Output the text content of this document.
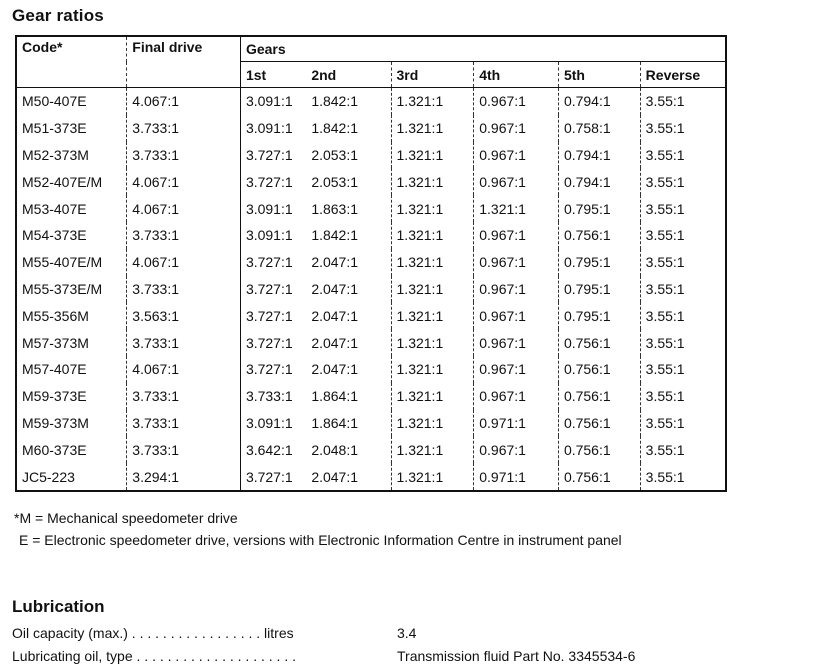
Gear ratios
Code*	Final drive	Gears					
		1st	2nd	3rd	4th	5th	Reverse
M50-407E	4.067:1	3.091:1	1.842:1	1.321:1	0.967:1	0.794:1	3.55:1
M51-373E	3.733:1	3.091:1	1.842:1	1.321:1	0.967:1	0.758:1	3.55:1
M52-373M	3.733:1	3.727:1	2.053:1	1.321:1	0.967:1	0.794:1	3.55:1
M52-407E/M	4.067:1	3.727:1	2.053:1	1.321:1	0.967:1	0.794:1	3.55:1
M53-407E	4.067:1	3.091:1	1.863:1	1.321:1	1.321:1	0.795:1	3.55:1
M54-373E	3.733:1	3.091:1	1.842:1	1.321:1	0.967:1	0.756:1	3.55:1
M55-407E/M	4.067:1	3.727:1	2.047:1	1.321:1	0.967:1	0.795:1	3.55:1
M55-373E/M	3.733:1	3.727:1	2.047:1	1.321:1	0.967:1	0.795:1	3.55:1
M55-356M	3.563:1	3.727:1	2.047:1	1.321:1	0.967:1	0.795:1	3.55:1
M57-373M	3.733:1	3.727:1	2.047:1	1.321:1	0.967:1	0.756:1	3.55:1
M57-407E	4.067:1	3.727:1	2.047:1	1.321:1	0.967:1	0.756:1	3.55:1
M59-373E	3.733:1	3.733:1	1.864:1	1.321:1	0.967:1	0.756:1	3.55:1
M59-373M	3.733:1	3.091:1	1.864:1	1.321:1	0.971:1	0.756:1	3.55:1
M60-373E	3.733:1	3.642:1	2.048:1	1.321:1	0.967:1	0.756:1	3.55:1
JC5-223	3.294:1	3.727:1	2.047:1	1.321:1	0.971:1	0.756:1	3.55:1
*M = Mechanical speedometer drive
E = Electronic speedometer drive, versions with Electronic Information Centre in instrument panel
Lubrication
Oil capacity (max.) . . . . . . . . . . . . . . . . . litres	3.4
Lubricating oil, type . . . . . . . . . . . . . . . . . . . . .	Transmission fluid Part No. 3345534-6
